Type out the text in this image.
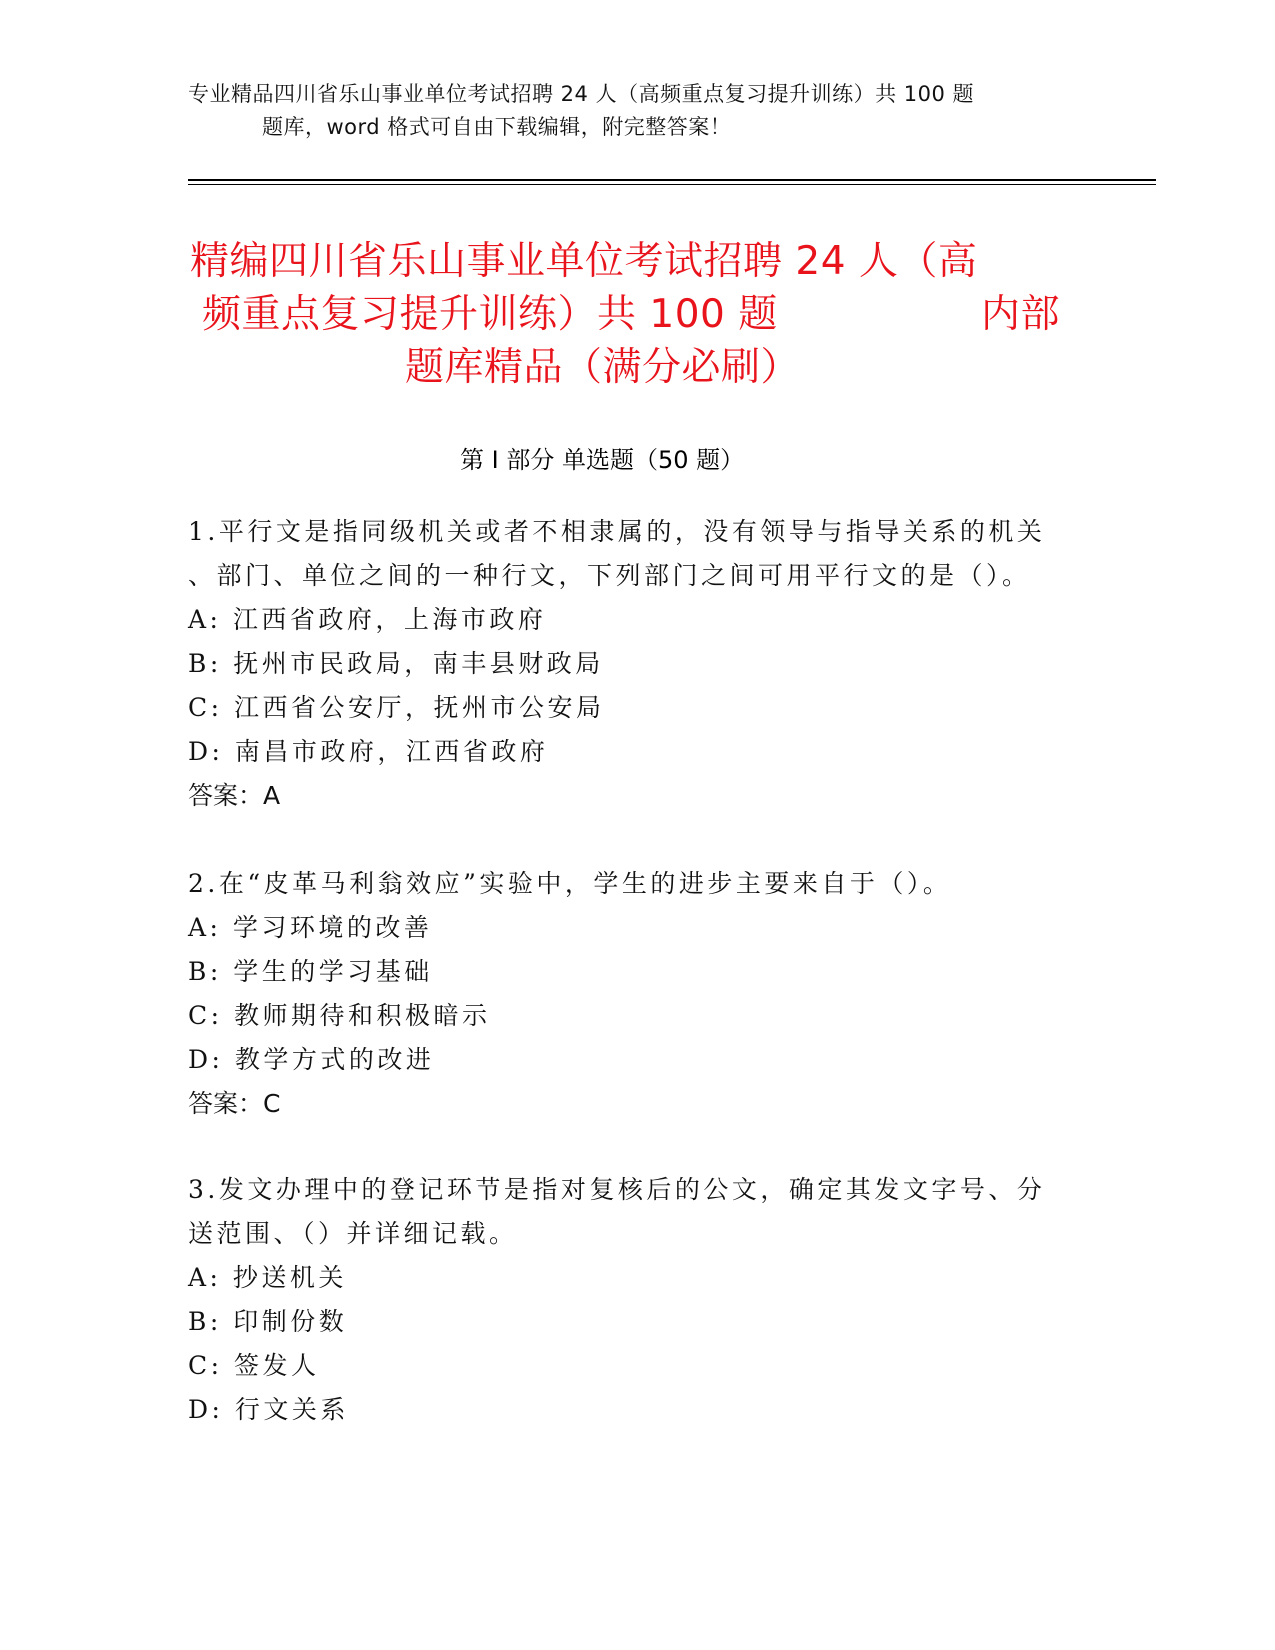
专业精品四川省乐山事业单位考试招聘 24 人（高频重点复习提升训练）共 100 题
题库，word 格式可自由下载编辑，附完整答案！
精编四川省乐山事业单位考试招聘 24 人（高
频重点复习提升训练）共 100 题	内部
题库精品（满分必刷）
第 I 部分 单选题（50 题）
1.平行文是指同级机关或者不相隶属的，没有领导与指导关系的机关
、部门、单位之间的一种行文，下列部门之间可用平行文的是（）。
A: 江西省政府，上海市政府
B: 抚州市民政局，南丰县财政局
C: 江西省公安厅，抚州市公安局
D: 南昌市政府，江西省政府
答案：A
2.在“皮革马利翁效应”实验中，学生的进步主要来自于（）。
A: 学习环境的改善
B: 学生的学习基础
C: 教师期待和积极暗示
D: 教学方式的改进
答案：C
3.发文办理中的登记环节是指对复核后的公文，确定其发文字号、分
送范围、（）并详细记载。
A: 抄送机关
B: 印制份数
C: 签发人
D: 行文关系
